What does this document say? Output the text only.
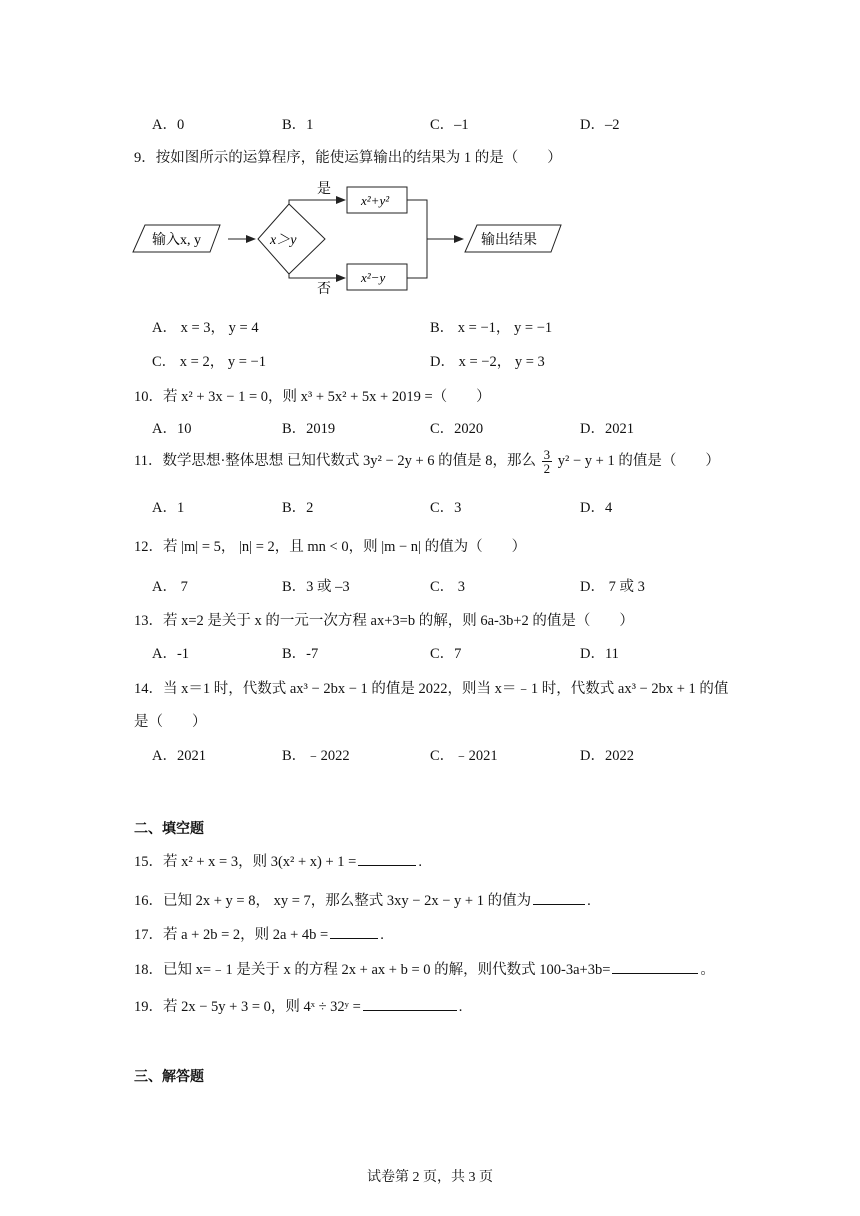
A．0	B．1	C．–1	D．–2
9．按如图所示的运算程序，能使运算输出的结果为 1 的是（　　）
输入x, y	x＞y
是
x²+y²
否
x²−y
输出结果
A． x = 3， y = 4	B． x = −1， y = −1
C． x = 2， y = −1	D． x = −2， y = 3
10．若 x² + 3x − 1 = 0，则 x³ + 5x² + 5x + 2019 =（　　）
A．10	B．2019	C．2020	D．2021
11．数学思想·整体思想 已知代数式 3y² − 2y + 6 的值是 8，那么 $\frac{3}{2} y^2 - y + 1$ 的值是（　　）
A．1	B．2	C．3	D．4
12．若 |m| = 5， |n| = 2，且 mn < 0，则 |m − n| 的值为（　　）
A． 7	B．3 或 –3	C． 3	D． 7 或 3
13．若 x=2 是关于 x 的一元一次方程 ax+3=b 的解，则 6a-3b+2 的值是（　　）
A．-1	B．-7	C．7	D．11
14．当 x＝1 时，代数式 ax³ − 2bx − 1 的值是 2022，则当 x＝﹣1 时，代数式 ax³ − 2bx + 1 的值
是（　　）
A．2021	B．﹣2022	C．﹣2021	D．2022
二、填空题
15．若 x² + x = 3，则 3(x² + x) + 1 =	.
16．已知 2x + y = 8， xy = 7，那么整式 3xy − 2x − y + 1 的值为	.
17．若 a + 2b = 2，则 2a + 4b =	.
18．已知 x=﹣1 是关于 x 的方程 2x + ax + b = 0 的解，则代数式 100-3a+3b=	。
19．若 2x − 5y + 3 = 0，则 4ˣ ÷ 32ʸ =	.
三、解答题
试卷第 2 页，共 3 页
